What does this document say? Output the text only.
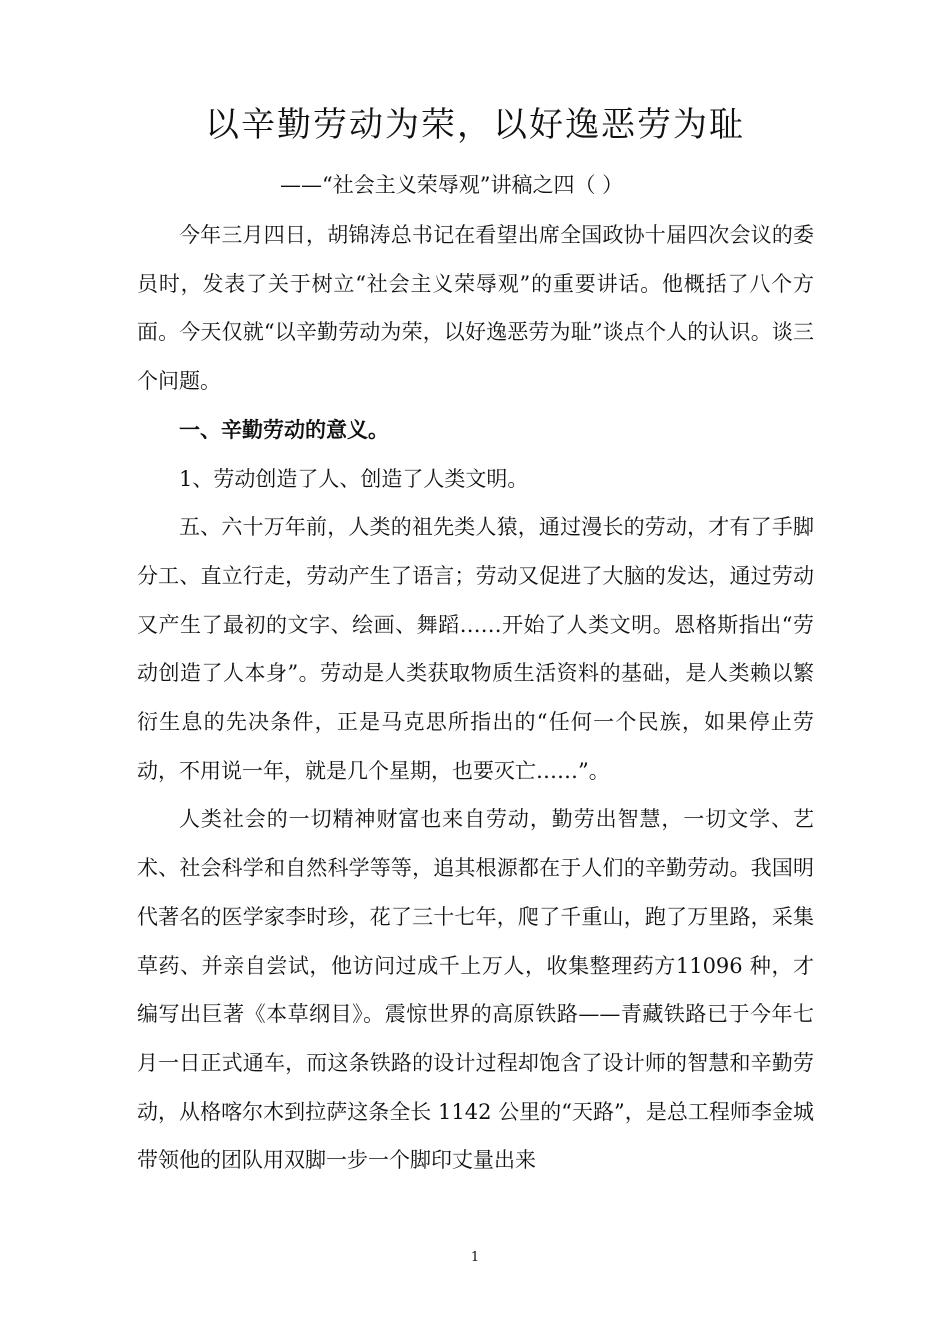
以辛勤劳动为荣，以好逸恶劳为耻

——“社会主义荣辱观”讲稿之四（ ）

今年三月四日，胡锦涛总书记在看望出席全国政协十届四次会议的委员时，发表了关于树立“社会主义荣辱观”的重要讲话。他概括了八个方面。今天仅就“以辛勤劳动为荣，以好逸恶劳为耻”谈点个人的认识。谈三个问题。

一、辛勤劳动的意义。

1、劳动创造了人、创造了人类文明。

五、六十万年前，人类的祖先类人猿，通过漫长的劳动，才有了手脚分工、直立行走，劳动产生了语言；劳动又促进了大脑的发达，通过劳动又产生了最初的文字、绘画、舞蹈……开始了人类文明。恩格斯指出“劳动创造了人本身”。劳动是人类获取物质生活资料的基础，是人类赖以繁衍生息的先决条件，正是马克思所指出的“任何一个民族，如果停止劳动，不用说一年，就是几个星期，也要灭亡……”。

人类社会的一切精神财富也来自劳动，勤劳出智慧，一切文学、艺术、社会科学和自然科学等等，追其根源都在于人们的辛勤劳动。我国明代著名的医学家李时珍，花了三十七年，爬了千重山，跑了万里路，采集草药、并亲自尝试，他访问过成千上万人，收集整理药方11096 种，才编写出巨著《本草纲目》。震惊世界的高原铁路——青藏铁路已于今年七月一日正式通车，而这条铁路的设计过程却饱含了设计师的智慧和辛勤劳动，从格喀尔木到拉萨这条全长 1142 公里的“天路”，是总工程师李金城带领他的团队用双脚一步一个脚印丈量出来

1
